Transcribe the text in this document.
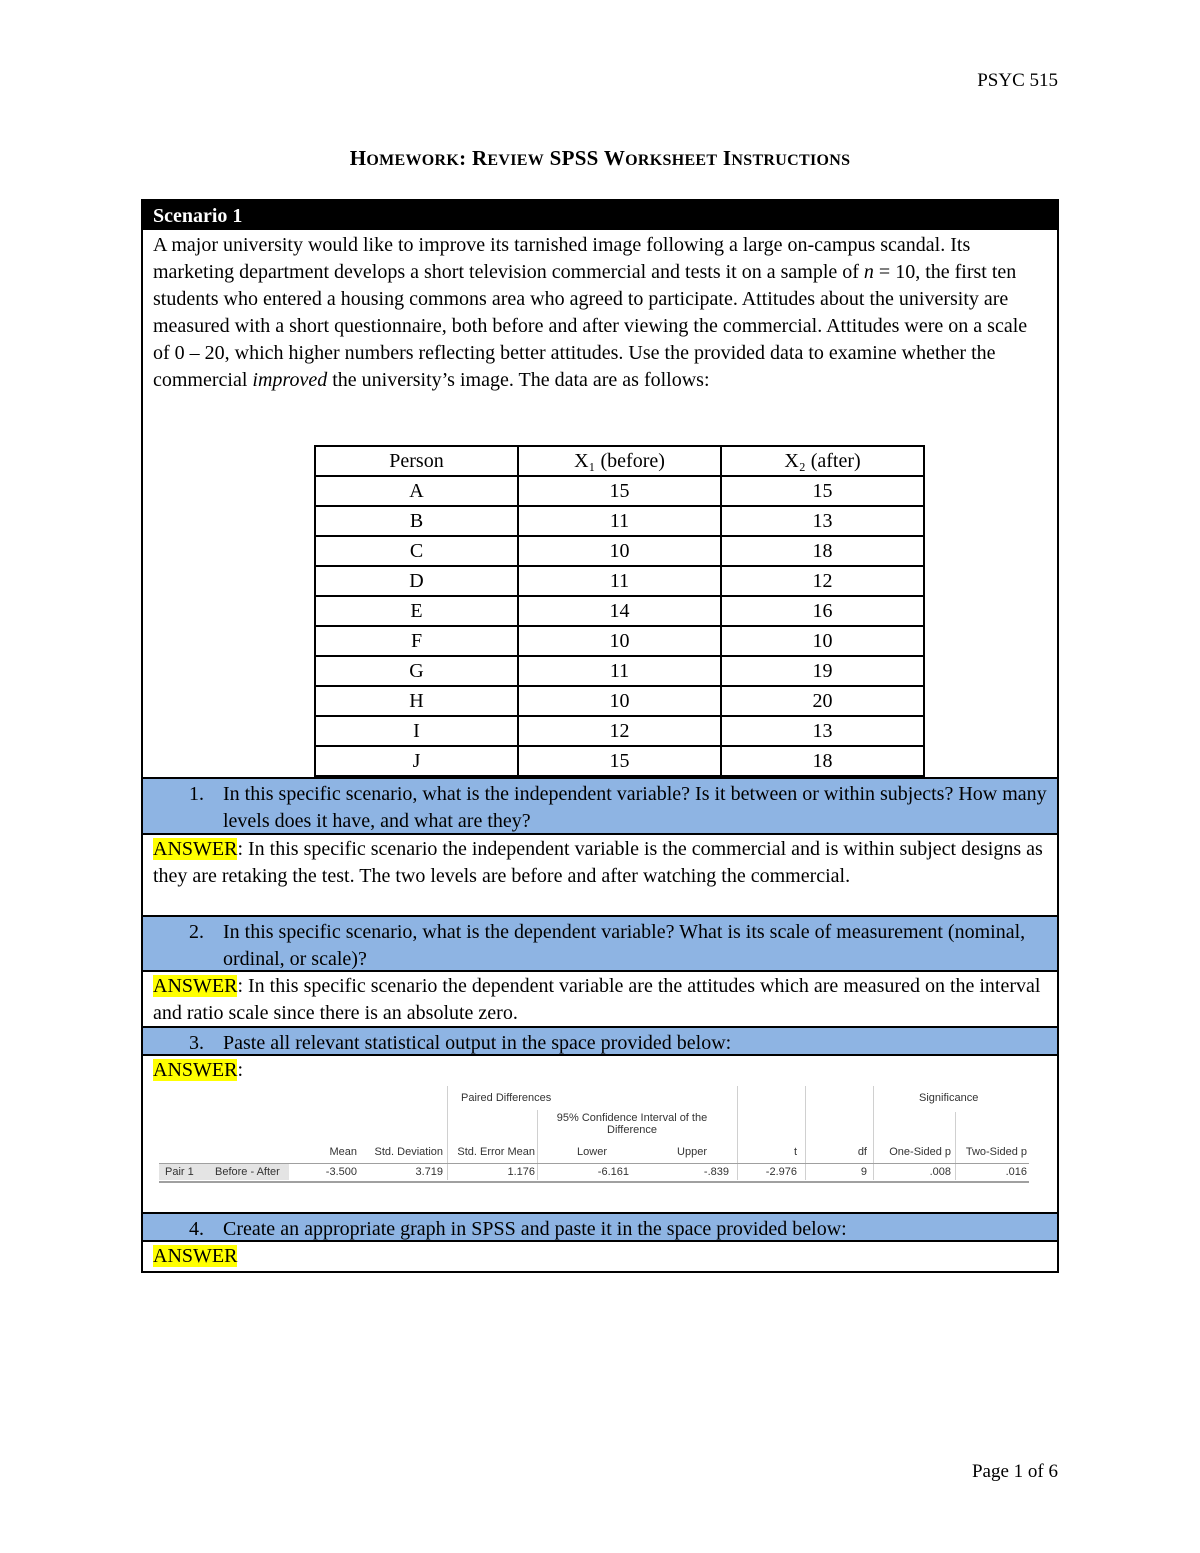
PSYC 515
HOMEWORK: REVIEW SPSS WORKSHEET INSTRUCTIONS
Scenario 1
A major university would like to improve its tarnished image following a large on-campus scandal. Its marketing department develops a short television commercial and tests it on a sample of n = 10, the first ten students who entered a housing commons area who agreed to participate. Attitudes about the university are measured with a short questionnaire, both before and after viewing the commercial. Attitudes were on a scale of 0 – 20, which higher numbers reflecting better attitudes. Use the provided data to examine whether the commercial improved the university’s image. The data are as follows:
Person	X₁ (before)	X₂ (after)
A	15	15
B	11	13
C	10	18
D	11	12
E	14	16
F	10	10
G	11	19
H	10	20
I	12	13
J	15	18
1. In this specific scenario, what is the independent variable? Is it between or within subjects? How many levels does it have, and what are they?
ANSWER: In this specific scenario the independent variable is the commercial and is within subject designs as they are retaking the test. The two levels are before and after watching the commercial.
2. In this specific scenario, what is the dependent variable? What is its scale of measurement (nominal, ordinal, or scale)?
ANSWER: In this specific scenario the dependent variable are the attitudes which are measured on the interval and ratio scale since there is an absolute zero.
3. Paste all relevant statistical output in the space provided below:
ANSWER:
Paired Differences	Significance
95% Confidence Interval of the
Difference
Mean	Std. Deviation	Std. Error Mean	Lower	Upper	t	df	One-Sided p	Two-Sided p
Pair 1 Before - After	-3.500	3.719	1.176	-6.161	-.839	-2.976	9	.008	.016
4. Create an appropriate graph in SPSS and paste it in the space provided below:
ANSWER
Page 1 of 6
